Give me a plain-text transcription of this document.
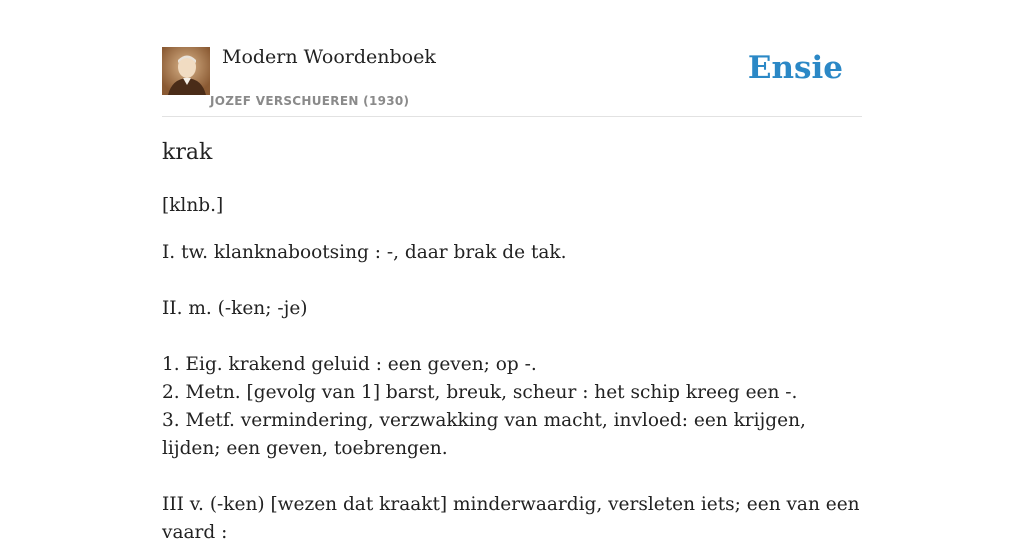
Modern Woordenboek
JOZEF VERSCHUEREN (1930)
Ensie
krak

[klnb.]

I. tw. klanknabootsing : -, daar brak de tak.

II. m. (-ken; -je)

1. Eig. krakend geluid : een geven; op -.

2. Metn. [gevolg van 1] barst, breuk, scheur : het schip kreeg een -.

3. Metf. vermindering, verzwakking van macht, invloed: een krijgen, lijden; een geven, toebrengen.

III v. (-ken) [wezen dat kraakt] minderwaardig, versleten iets; een van een vaard :
